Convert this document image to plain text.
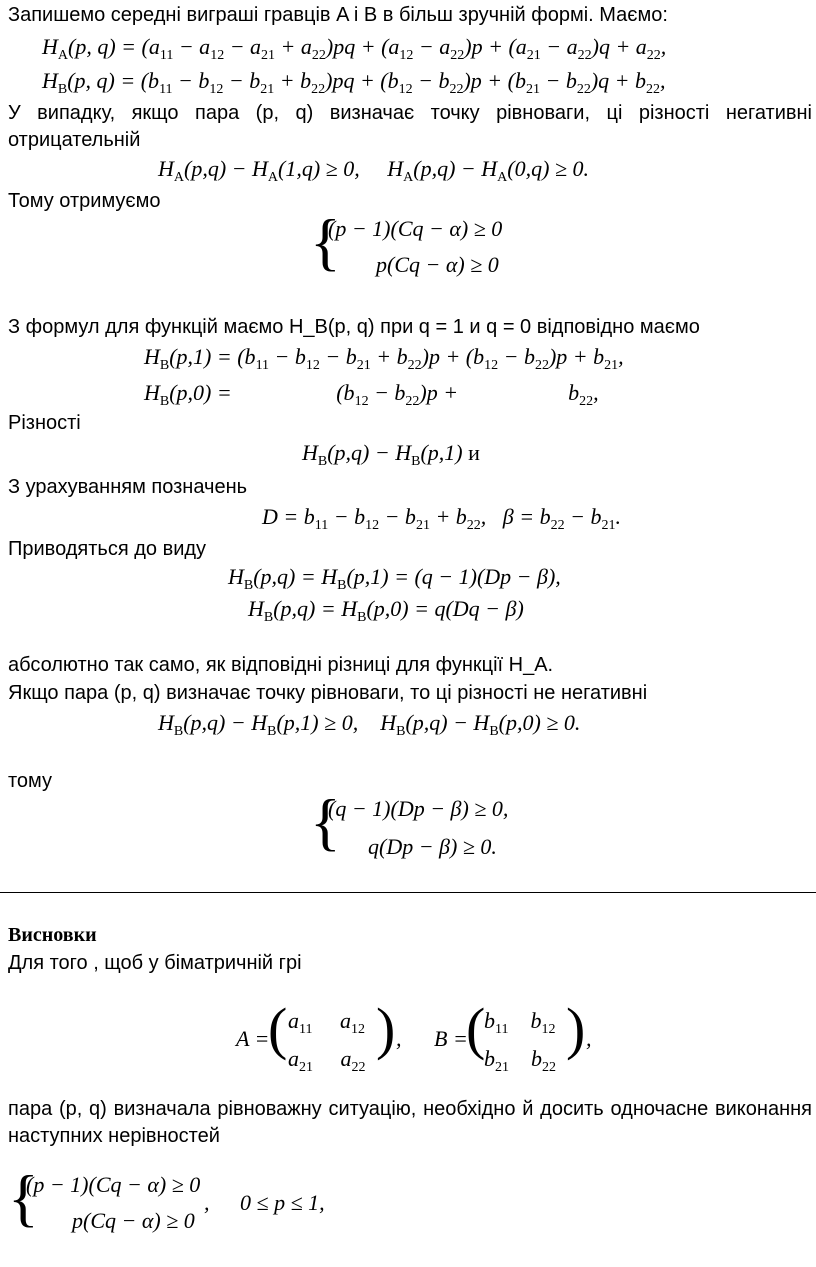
Запишемо середні виграші гравців A і B в більш зручній формі. Маємо:
$H_A(p$, $q) = (a_{11} - a_{12} - a_{21} + a_{22})pq + (a_{12} - a_{22})p + (a_{21} - a_{22})q + a_{22}$,
$H_B(p$, $q) = (b_{11} - b_{12} - b_{21} + b_{22})pq + (b_{12} - b_{22})p + (b_{21} - b_{22})q + b_{22}$,
У випадку, якщо пара (p, q) визначає точку рівноваги, ці різності негативні отрицательній
$H_A(p,q) - H_A(1,q) \ge 0$,     $H_A(p,q) - H_A(0,q) \ge 0$.
Тому отримуємо
{
(p − 1)(Cq − α) ≥ 0
p(Cq − α) ≥ 0
З формул для функцій маємо H_B(p, q) при q = 1 и q = 0 відповідно маємо
$H_B(p,1) = (b_{11} - b_{12} - b_{21} + b_{22})p + (b_{12} - b_{22})p + b_{21}$,
$H_B(p,0)$ =                   $(b_{12} - b_{22})p$ +                    $b_{22}$,
Різності
$H_B(p,q) - H_B(p,1)$ и
З урахуванням позначень
$D = b_{11} - b_{12} - b_{21} + b_{22}$,   $\beta = b_{22} - b_{21}$.
Приводяться до виду
$H_B(p,q) = H_B(p,1) = (q - 1)(Dp - \beta)$,
$H_B(p,q) = H_B(p,0) = q(Dq - \beta)$
абсолютно так само, як відповідні різниці для функції H_A.
Якщо пара (p, q) визначає точку рівноваги, то ці різності не негативні
$H_B(p,q) - H_B(p,1) \ge 0$,    $H_B(p,q) - H_B(p,0) \ge 0$.
тому
{
(q − 1)(Dp − β) ≥ 0,
q(Dp − β) ≥ 0.
Висновки
Для того , щоб у біматричній грі
A =
( $a_{11}$     $a_{12}$
$a_{21}$     $a_{22}$
) , B =
(
$b_{11}$    $b_{12}$
$b_{21}$    $b_{22}$
) ,
пара (p, q) визначала рівноважну ситуацію, необхідно й досить одночасне виконання наступних нерівностей
{
(p − 1)(Cq − α) ≥ 0
p(Cq − α) ≥ 0
, 0 ≤ p ≤ 1,
